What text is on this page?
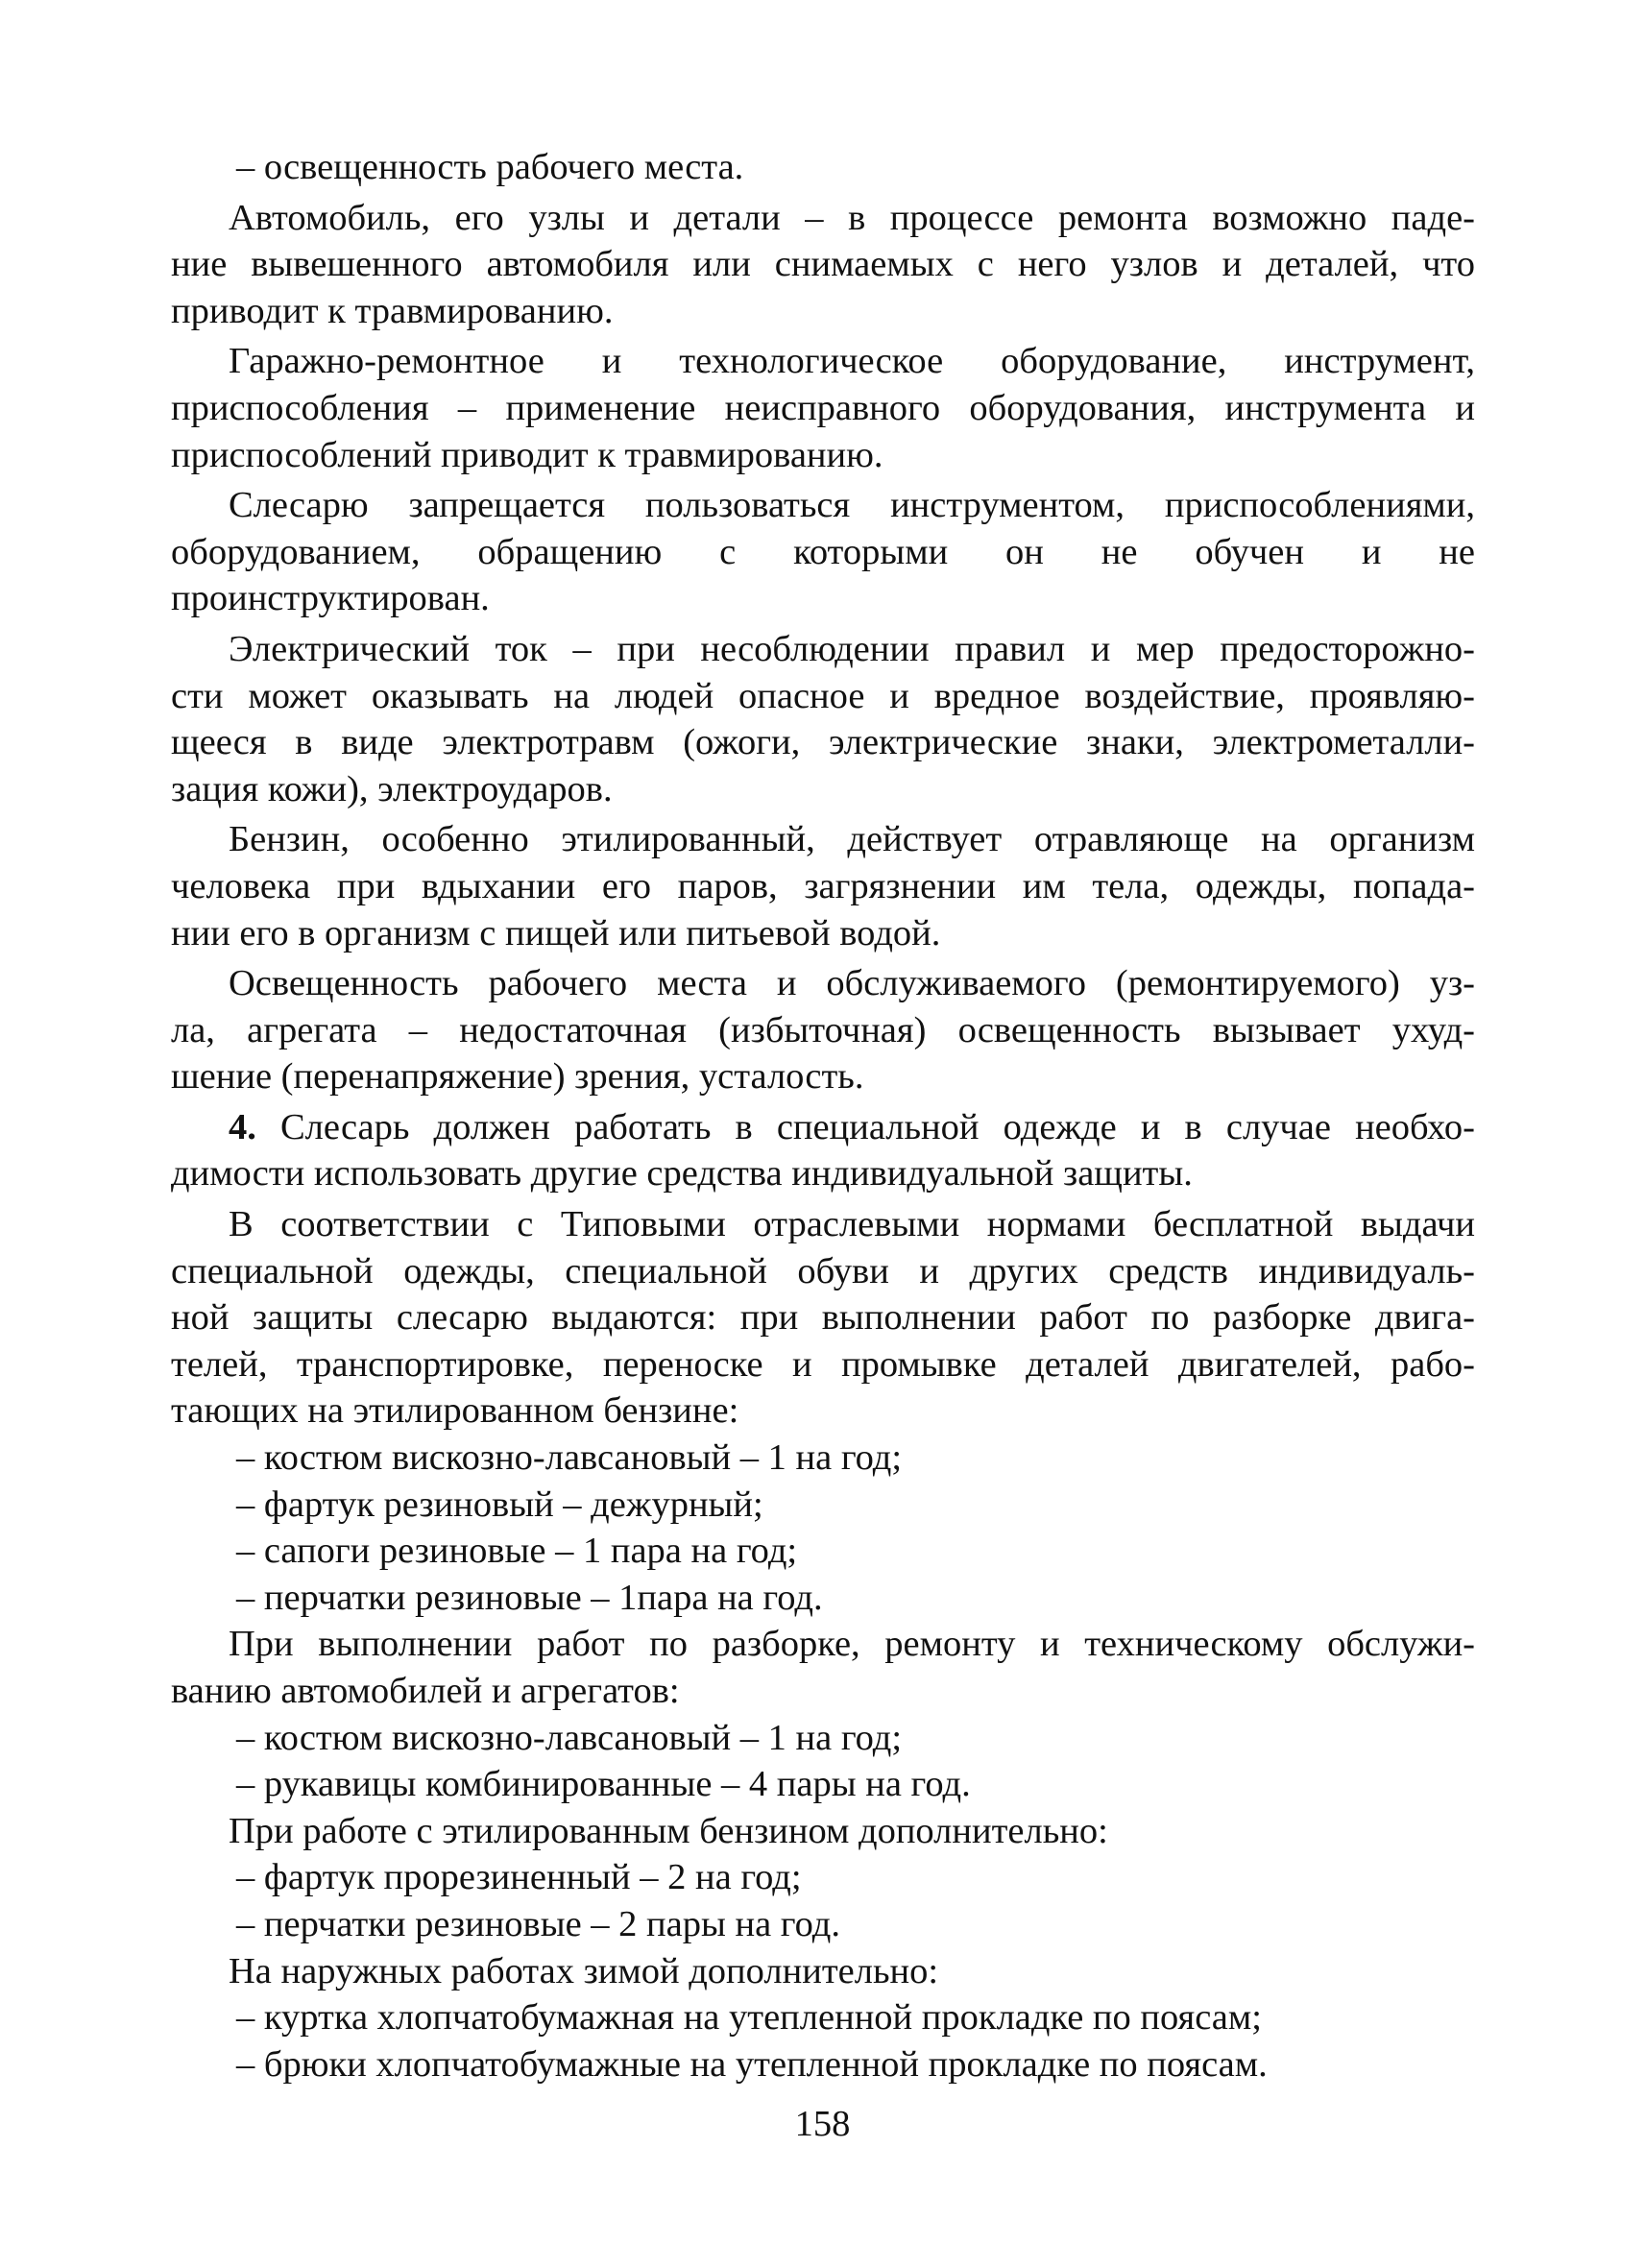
– освещенность рабочего места.
Автомобиль, его узлы и детали – в процессе ремонта возможно паде-
ние вывешенного автомобиля или снимаемых с него узлов и деталей, что
приводит к травмированию.
Гаражно-ремонтное и технологическое оборудование, инструмент,
приспособления – применение неисправного оборудования, инструмента и
приспособлений приводит к травмированию.
Слесарю запрещается пользоваться инструментом, приспособлениями,
оборудованием, обращению с которыми он не обучен и не
проинструктирован.
Электрический ток – при несоблюдении правил и мер предосторожно-
сти может оказывать на людей опасное и вредное воздействие, проявляю-
щееся в виде электротравм (ожоги, электрические знаки, электрометалли-
зация кожи), электроударов.
Бензин, особенно этилированный, действует отравляюще на организм
человека при вдыхании его паров, загрязнении им тела, одежды, попада-
нии его в организм с пищей или питьевой водой.
Освещенность рабочего места и обслуживаемого (ремонтируемого) уз-
ла, агрегата – недостаточная (избыточная) освещенность вызывает ухуд-
шение (перенапряжение) зрения, усталость.
4. Слесарь должен работать в специальной одежде и в случае необхо-
димости использовать другие средства индивидуальной защиты.
В соответствии с Типовыми отраслевыми нормами бесплатной выдачи
специальной одежды, специальной обуви и других средств индивидуаль-
ной защиты слесарю выдаются: при выполнении работ по разборке двига-
телей, транспортировке, переноске и промывке деталей двигателей, рабо-
тающих на этилированном бензине:
– костюм вискозно-лавсановый – 1 на год;
– фартук резиновый – дежурный;
– сапоги резиновые – 1 пара на год;
– перчатки резиновые – 1пара на год.
При выполнении работ по разборке, ремонту и техническому обслужи-
ванию автомобилей и агрегатов:
– костюм вискозно-лавсановый – 1 на год;
– рукавицы комбинированные – 4 пары на год.
При работе с этилированным бензином дополнительно:
– фартук прорезиненный – 2 на год;
– перчатки резиновые – 2 пары на год.
На наружных работах зимой дополнительно:
– куртка хлопчатобумажная на утепленной прокладке по поясам;
– брюки хлопчатобумажные на утепленной прокладке по поясам.
158
